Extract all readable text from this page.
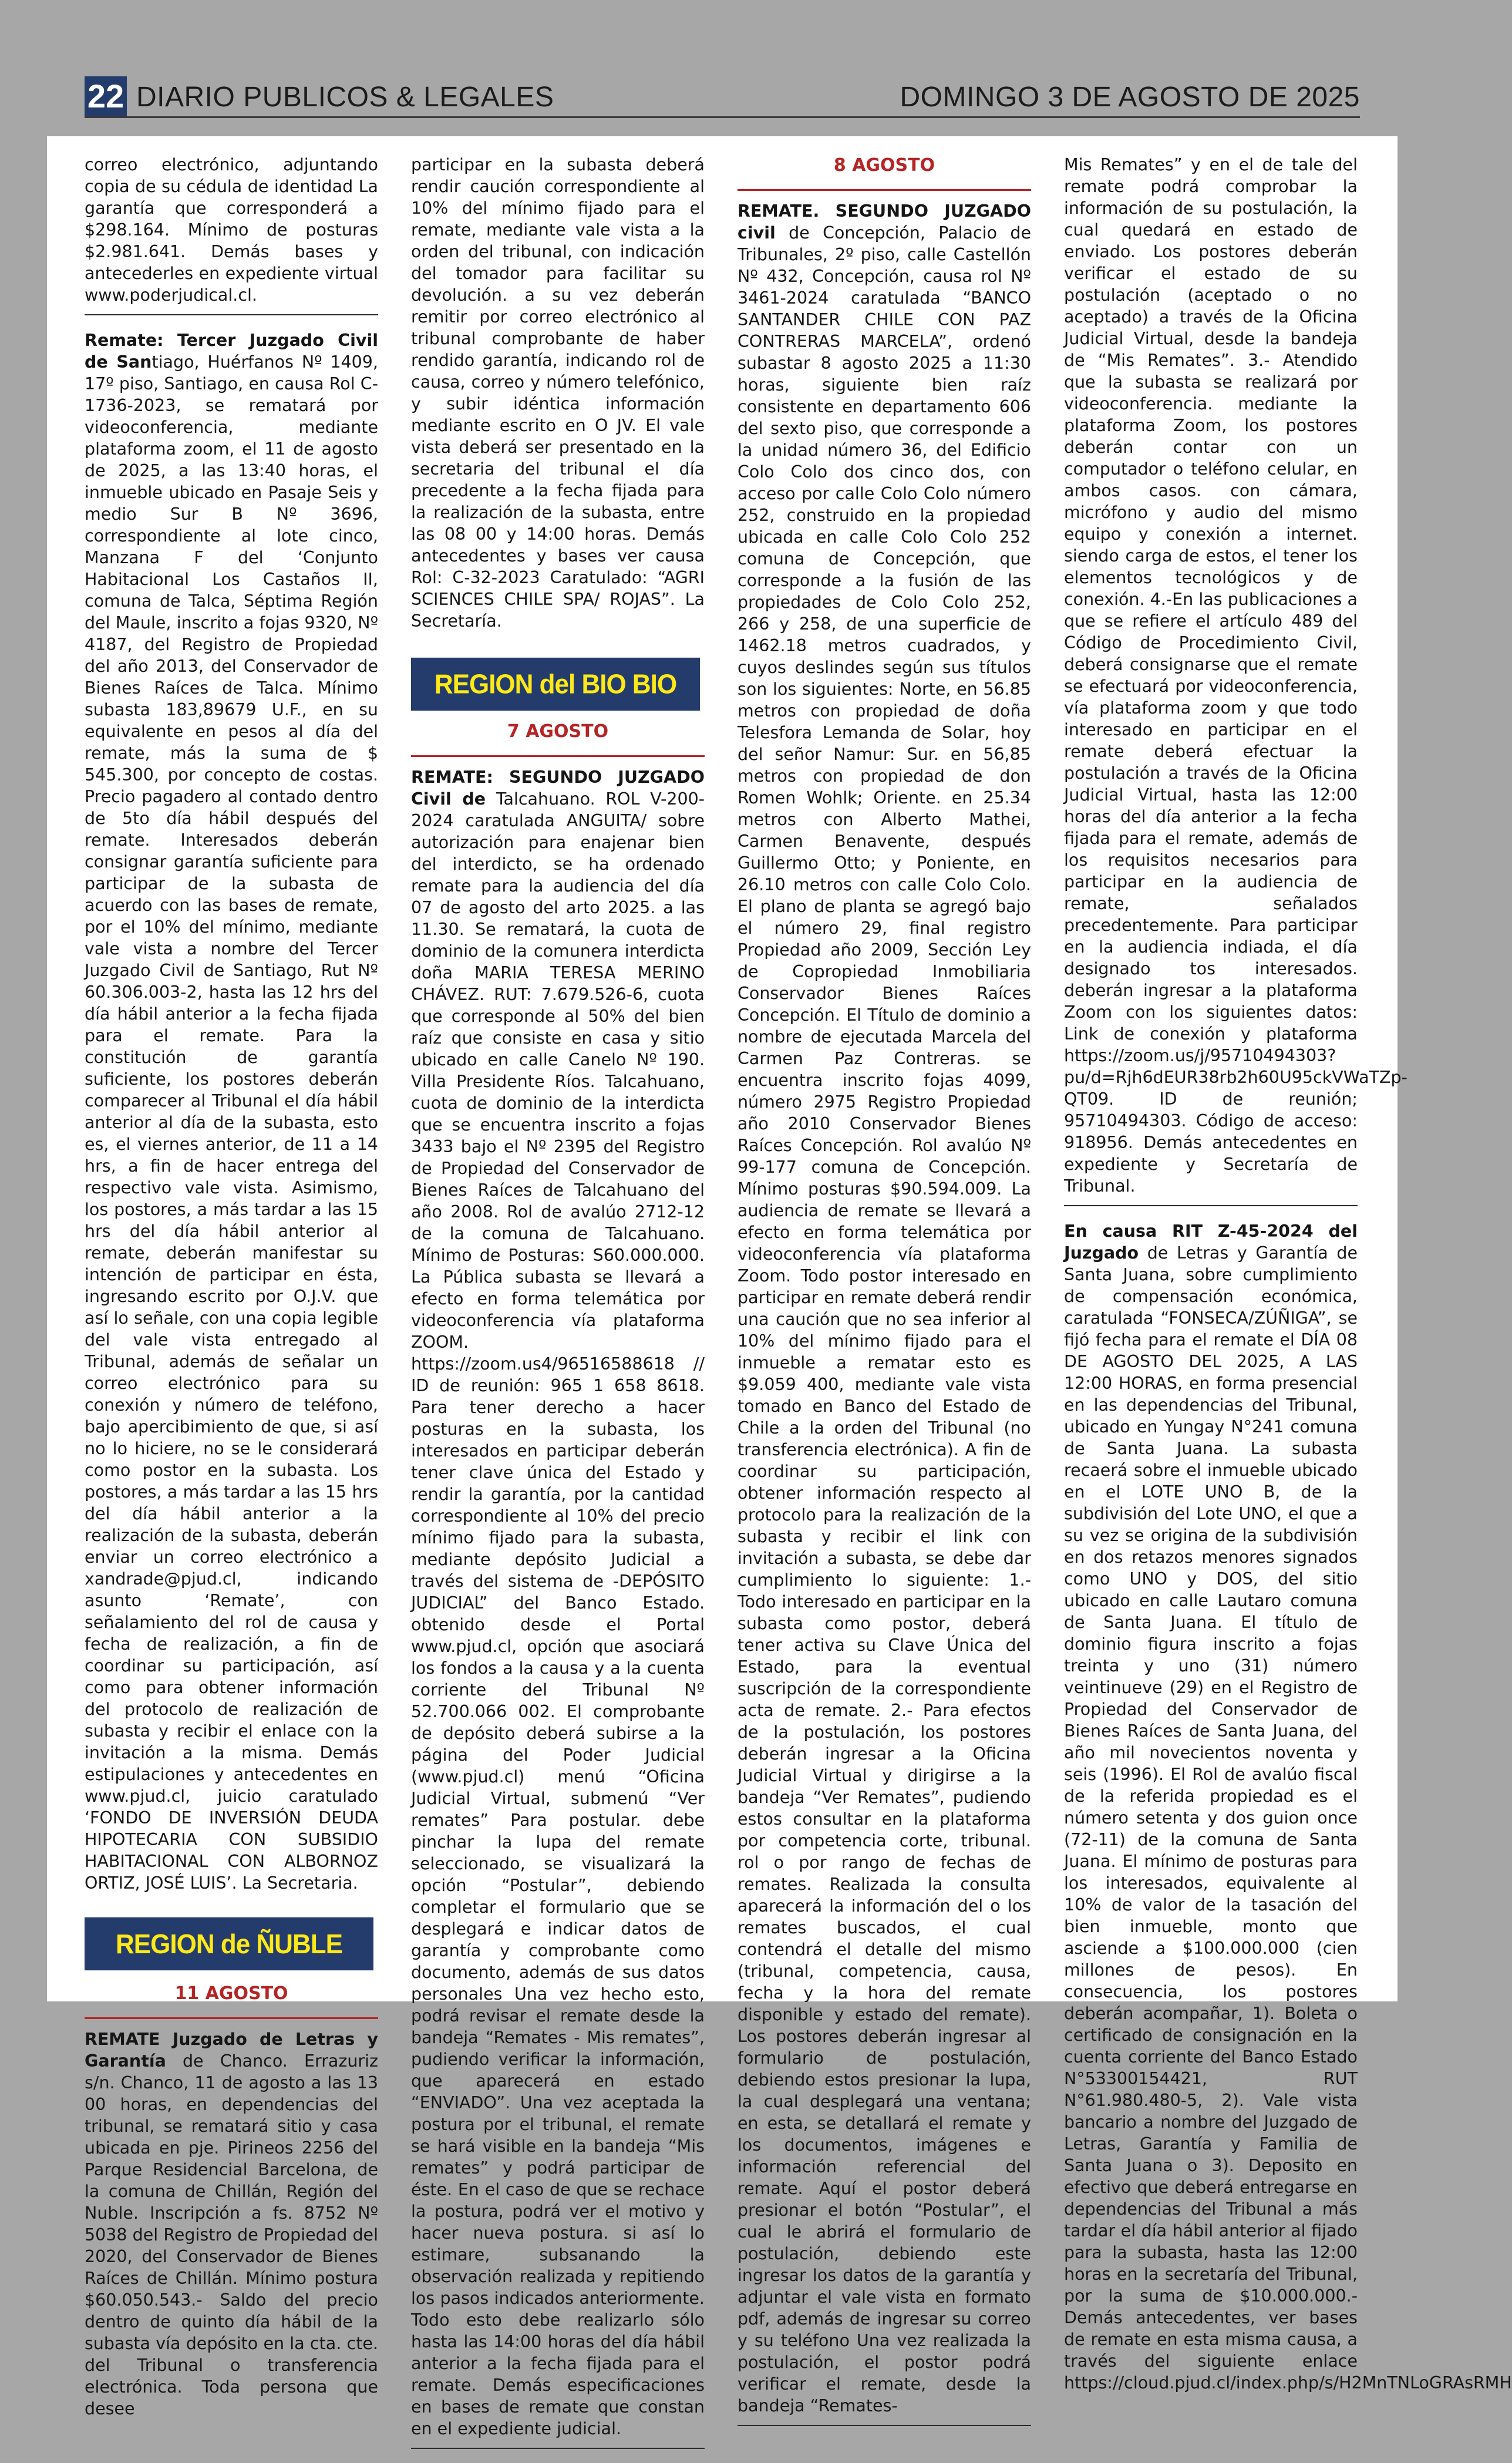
22 DIARIO PUBLICOS & LEGALES	DOMINGO 3 DE AGOSTO DE 2025

correo electrónico, adjuntando copia de su cédula de identidad La garantía que corresponderá a $298.164. Mínimo de posturas $2.981.641. Demás bases y antecederles en expediente virtual www.poderjudical.cl.

Remate: Tercer Juzgado Civil de Santiago, Huérfanos Nº 1409, 17º piso, Santiago, en causa Rol C-1736-2023, se rematará por videoconferencia, mediante plataforma zoom, el 11 de agosto de 2025, a las 13:40 horas, el inmueble ubicado en Pasaje Seis y medio Sur B Nº 3696, correspondiente al lote cinco, Manzana F del ‘Conjunto Habitacional Los Castaños II, comuna de Talca, Séptima Región del Maule, inscrito a fojas 9320, Nº 4187, del Registro de Propiedad del año 2013, del Conservador de Bienes Raíces de Talca. Mínimo subasta 183,89679 U.F., en su equivalente en pesos al día del remate, más la suma de $ 545.300, por concepto de costas. Precio pagadero al contado dentro de 5to día hábil después del remate. Interesados deberán consignar garantía suficiente para participar de la subasta de acuerdo con las bases de remate, por el 10% del mínimo, mediante vale vista a nombre del Tercer Juzgado Civil de Santiago, Rut Nº 60.306.003-2, hasta las 12 hrs del día hábil anterior a la fecha fijada para el remate. Para la constitución de garantía suficiente, los postores deberán comparecer al Tribunal el día hábil anterior al día de la subasta, esto es, el viernes anterior, de 11 a 14 hrs, a fin de hacer entrega del respectivo vale vista. Asimismo, los postores, a más tardar a las 15 hrs del día hábil anterior al remate, deberán manifestar su intención de participar en ésta, ingresando escrito por O.J.V. que así lo señale, con una copia legible del vale vista entregado al Tribunal, además de señalar un correo electrónico para su conexión y número de teléfono, bajo apercibimiento de que, si así no lo hiciere, no se le considerará como postor en la subasta. Los postores, a más tardar a las 15 hrs del día hábil anterior a la realización de la subasta, deberán enviar un correo electrónico a xandrade@pjud.cl, indicando asunto ‘Remate’, con señalamiento del rol de causa y fecha de realización, a fin de coordinar su participación, así como para obtener información del protocolo de realización de subasta y recibir el enlace con la invitación a la misma. Demás estipulaciones y antecedentes en www.pjud.cl, juicio caratulado ‘FONDO DE INVERSIÓN DEUDA HIPOTECARIA CON SUBSIDIO HABITACIONAL CON ALBORNOZ ORTIZ, JOSÉ LUIS’. La Secretaria.

REGION de ÑUBLE
11 AGOSTO

REMATE Juzgado de Letras y Garantía de Chanco. Errazuriz s/n. Chanco, 11 de agosto a las 13 00 horas, en dependencias del tribunal, se rematará sitio y casa ubicada en pje. Pirineos 2256 del Parque Residencial Barcelona, de la comuna de Chillán, Región del Nuble. Inscripción a fs. 8752 Nº 5038 del Registro de Propiedad del 2020, del Conservador de Bienes Raíces de Chillán. Mínimo postura $60.050.543.- Saldo del precio dentro de quinto día hábil de la subasta vía depósito en la cta. cte. del Tribunal o transferencia electrónica. Toda persona que desee

participar en la subasta deberá rendir caución correspondiente al 10% del mínimo fijado para el remate, mediante vale vista a la orden del tribunal, con indicación del tomador para facilitar su devolución. a su vez deberán remitir por correo electrónico al tribunal comprobante de haber rendido garantía, indicando rol de causa, correo y número telefónico, y subir idéntica información mediante escrito en O JV. El vale vista deberá ser presentado en la secretaria del tribunal el día precedente a la fecha fijada para la realización de la subasta, entre las 08 00 y 14:00 horas. Demás antecedentes y bases ver causa Rol: C-32-2023 Caratulado: “AGRI SCIENCES CHILE SPA/ ROJAS”. La Secretaría.

REGION del BIO BIO
7 AGOSTO

REMATE: SEGUNDO JUZGADO Civil de Talcahuano. ROL V-200-2024 caratulada ANGUITA/ sobre autorización para enajenar bien del interdicto, se ha ordenado remate para la audiencia del día 07 de agosto del arto 2025. a las 11.30. Se rematará, la cuota de dominio de la comunera interdicta doña MARIA TERESA MERINO CHÁVEZ. RUT: 7.679.526-6, cuota que corresponde al 50% del bien raíz que consiste en casa y sitio ubicado en calle Canelo Nº 190. Villa Presidente Ríos. Talcahuano, cuota de dominio de la interdicta que se encuentra inscrito a fojas 3433 bajo el Nº 2395 del Registro de Propiedad del Conservador de Bienes Raíces de Talcahuano del año 2008. Rol de avalúo 2712-12 de la comuna de Talcahuano. Mínimo de Posturas: S60.000.000. La Pública subasta se llevará a efecto en forma telemática por videoconferencia vía plataforma ZOOM. https://zoom.us4/96516588618 // ID de reunión: 965 1 658 8618. Para tener derecho a hacer posturas en la subasta, los interesados en participar deberán tener clave única del Estado y rendir la garantía, por la cantidad correspondiente al 10% del precio mínimo fijado para la subasta, mediante depósito Judicial a través del sistema de -DEPÓSITO JUDICIAL” del Banco Estado. obtenido desde el Portal www.pjud.cl, opción que asociará los fondos a la causa y a la cuenta corriente del Tribunal Nº 52.700.066 002. El comprobante de depósito deberá subirse a la página del Poder Judicial (www.pjud.cl) menú “Oficina Judicial Virtual, submenú “Ver remates” Para postular. debe pinchar la lupa del remate seleccionado, se visualizará la opción “Postular”, debiendo completar el formulario que se desplegará e indicar datos de garantía y comprobante como documento, además de sus datos personales Una vez hecho esto, podrá revisar el remate desde la bandeja “Remates - Mis remates”, pudiendo verificar la información, que aparecerá en estado “ENVIADO”. Una vez aceptada la postura por el tribunal, el remate se hará visible en la bandeja “Mis remates” y podrá participar de éste. En el caso de que se rechace la postura, podrá ver el motivo y hacer nueva postura. si así lo estimare, subsanando la observación realizada y repitiendo los pasos indicados anteriormente. Todo esto debe realizarlo sólo hasta las 14:00 horas del día hábil anterior a la fecha fijada para el remate. Demás especificaciones en bases de remate que constan en el expediente judicial.

8 AGOSTO

REMATE. SEGUNDO JUZGADO civil de Concepción, Palacio de Tribunales, 2º piso, calle Castellón Nº 432, Concepción, causa rol Nº 3461-2024 caratulada “BANCO SANTANDER CHILE CON PAZ CONTRERAS MARCELA”, ordenó subastar 8 agosto 2025 a 11:30 horas, siguiente bien raíz consistente en departamento 606 del sexto piso, que corresponde a la unidad número 36, del Edificio Colo Colo dos cinco dos, con acceso por calle Colo Colo número 252, construido en la propiedad ubicada en calle Colo Colo 252 comuna de Concepción, que corresponde a la fusión de las propiedades de Colo Colo 252, 266 y 258, de una superficie de 1462.18 metros cuadrados, y cuyos deslindes según sus títulos son los siguientes: Norte, en 56.85 metros con propiedad de doña Telesfora Lemanda de Solar, hoy del señor Namur: Sur. en 56,85 metros con propiedad de don Romen Wohlk; Oriente. en 25.34 metros con Alberto Mathei, Carmen Benavente, después Guillermo Otto; y Poniente, en 26.10 metros con calle Colo Colo. El plano de planta se agregó bajo el número 29, final registro Propiedad año 2009, Sección Ley de Copropiedad Inmobiliaria Conservador Bienes Raíces Concepción. El Título de dominio a nombre de ejecutada Marcela del Carmen Paz Contreras. se encuentra inscrito fojas 4099, número 2975 Registro Propiedad año 2010 Conservador Bienes Raíces Concepción. Rol avalúo Nº 99-177 comuna de Concepción. Mínimo posturas $90.594.009. La audiencia de remate se llevará a efecto en forma telemática por videoconferencia vía plataforma Zoom. Todo postor interesado en participar en remate deberá rendir una caución que no sea inferior al 10% del mínimo fijado para el inmueble a rematar esto es $9.059 400, mediante vale vista tomado en Banco del Estado de Chile a la orden del Tribunal (no transferencia electrónica). A fin de coordinar su participación, obtener información respecto al protocolo para la realización de la subasta y recibir el link con invitación a subasta, se debe dar cumplimiento lo siguiente: 1.- Todo interesado en participar en la subasta como postor, deberá tener activa su Clave Única del Estado, para la eventual suscripción de la correspondiente acta de remate. 2.- Para efectos de la postulación, los postores deberán ingresar a la Oficina Judicial Virtual y dirigirse a la bandeja “Ver Remates”, pudiendo estos consultar en la plataforma por competencia corte, tribunal. rol o por rango de fechas de remates. Realizada la consulta aparecerá la información del o los remates buscados, el cual contendrá el detalle del mismo (tribunal, competencia, causa, fecha y la hora del remate disponible y estado del remate). Los postores deberán ingresar al formulario de postulación, debiendo estos presionar la lupa, la cual desplegará una ventana; en esta, se detallará el remate y los documentos, imágenes e información referencial del remate. Aquí el postor deberá presionar el botón “Postular”, el cual le abrirá el formulario de postulación, debiendo este ingresar los datos de la garantía y adjuntar el vale vista en formato pdf, además de ingresar su correo y su teléfono Una vez realizada la postulación, el postor podrá verificar el remate, desde la bandeja “Remates-

Mis Remates” y en el de tale del remate podrá comprobar la información de su postulación, la cual quedará en estado de enviado. Los postores deberán verificar el estado de su postulación (aceptado o no aceptado) a través de la Oficina Judicial Virtual, desde la bandeja de “Mis Remates”. 3.- Atendido que la subasta se realizará por videoconferencia. mediante la plataforma Zoom, los postores deberán contar con un computador o teléfono celular, en ambos casos. con cámara, micrófono y audio del mismo equipo y conexión a internet. siendo carga de estos, el tener los elementos tecnológicos y de conexión. 4.-En las publicaciones a que se refiere el artículo 489 del Código de Procedimiento Civil, deberá consignarse que el remate se efectuará por videoconferencia, vía plataforma zoom y que todo interesado en participar en el remate deberá efectuar la postulación a través de la Oficina Judicial Virtual, hasta las 12:00 horas del día anterior a la fecha fijada para el remate, además de los requisitos necesarios para participar en la audiencia de remate, señalados precedentemente. Para participar en la audiencia indiada, el día designado tos interesados. deberán ingresar a la plataforma Zoom con los siguientes datos: Link de conexión y plataforma https://zoom.us/j/95710494303?pu/d=Rjh6dEUR38rb2h60U95ckVWaTZp-QT09. ID de reunión; 95710494303. Código de acceso: 918956. Demás antecedentes en expediente y Secretaría de Tribunal.

En causa RIT Z-45-2024 del Juzgado de Letras y Garantía de Santa Juana, sobre cumplimiento de compensación económica, caratulada “FONSECA/ZÚÑIGA”, se fijó fecha para el remate el DÍA 08 DE AGOSTO DEL 2025, A LAS 12:00 HORAS, en forma presencial en las dependencias del Tribunal, ubicado en Yungay N°241 comuna de Santa Juana. La subasta recaerá sobre el inmueble ubicado en el LOTE UNO B, de la subdivisión del Lote UNO, el que a su vez se origina de la subdivisión en dos retazos menores signados como UNO y DOS, del sitio ubicado en calle Lautaro comuna de Santa Juana. El título de dominio figura inscrito a fojas treinta y uno (31) número veintinueve (29) en el Registro de Propiedad del Conservador de Bienes Raíces de Santa Juana, del año mil novecientos noventa y seis (1996). El Rol de avalúo fiscal de la referida propiedad es el número setenta y dos guion once (72-11) de la comuna de Santa Juana. El mínimo de posturas para los interesados, equivalente al 10% de valor de la tasación del bien inmueble, monto que asciende a $100.000.000 (cien millones de pesos). En consecuencia, los postores deberán acompañar, 1). Boleta o certificado de consignación en la cuenta corriente del Banco Estado N°53300154421, RUT N°61.980.480-5, 2). Vale vista bancario a nombre del Juzgado de Letras, Garantía y Familia de Santa Juana o 3). Deposito en efectivo que deberá entregarse en dependencias del Tribunal a más tardar el día hábil anterior al fijado para la subasta, hasta las 12:00 horas en la secretaría del Tribunal, por la suma de $10.000.000.- Demás antecedentes, ver bases de remate en esta misma causa, a través del siguiente enlace https://cloud.pjud.cl/index.php/s/H2MnTNLoGRAsRMH
